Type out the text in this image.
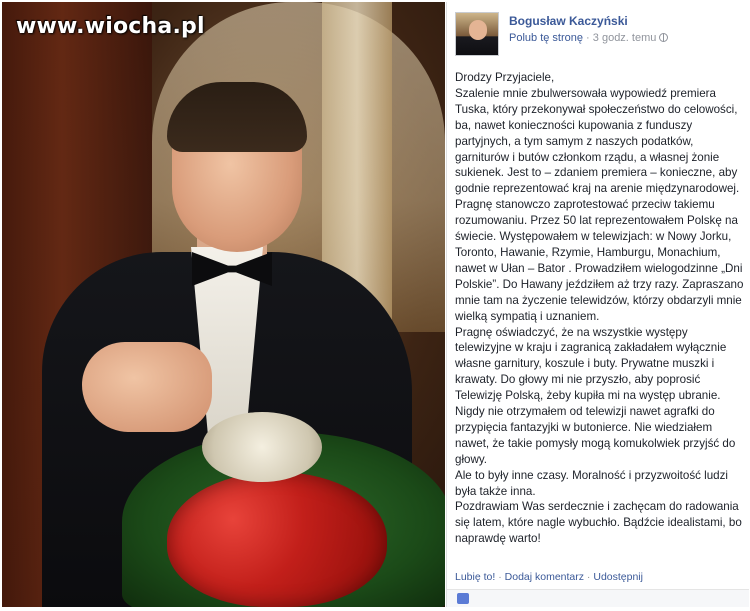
www.wiocha.pl	Bogusław Kaczyński
Polub tę stronę · 3 godz. temu

Drodzy Przyjaciele,

Szalenie mnie zbulwersowała wypowiedź premiera Tuska, który przekonywał społeczeństwo do celowości, ba, nawet konieczności kupowania z funduszy partyjnych, a tym samym z naszych podatków, garniturów i butów członkom rządu, a własnej żonie sukienek. Jest to – zdaniem premiera – konieczne, aby godnie reprezentować kraj na arenie międzynarodowej. Pragnę stanowczo zaprotestować przeciw takiemu rozumowaniu. Przez 50 lat reprezentowałem Polskę na świecie. Występowałem w telewizjach: w Nowy Jorku, Toronto, Hawanie, Rzymie, Hamburgu, Monachium, nawet w Ułan – Bator . Prowadziłem wielogodzinne „Dni Polskie”. Do Hawany jeździłem aż trzy razy. Zapraszano mnie tam na życzenie telewidzów, którzy obdarzyli mnie wielką sympatią i uznaniem.

Pragnę oświadczyć, że na wszystkie występy telewizyjne w kraju i zagranicą zakładałem wyłącznie własne garnitury, koszule i buty. Prywatne muszki i krawaty. Do głowy mi nie przyszło, aby poprosić Telewizję Polską, żeby kupiła mi na występ ubranie. Nigdy nie otrzymałem od telewizji nawet agrafki do przypięcia fantazyjki w butonierce. Nie wiedziałem nawet, że takie pomysły mogą komukolwiek przyjść do głowy.

Ale to były inne czasy. Moralność i przyzwoitość ludzi była także inna.

Pozdrawiam Was serdecznie i zachęcam do radowania się latem, które nagle wybuchło. Bądźcie idealistami, bo naprawdę warto!

Lubię to! · Dodaj komentarz · Udostępnij
